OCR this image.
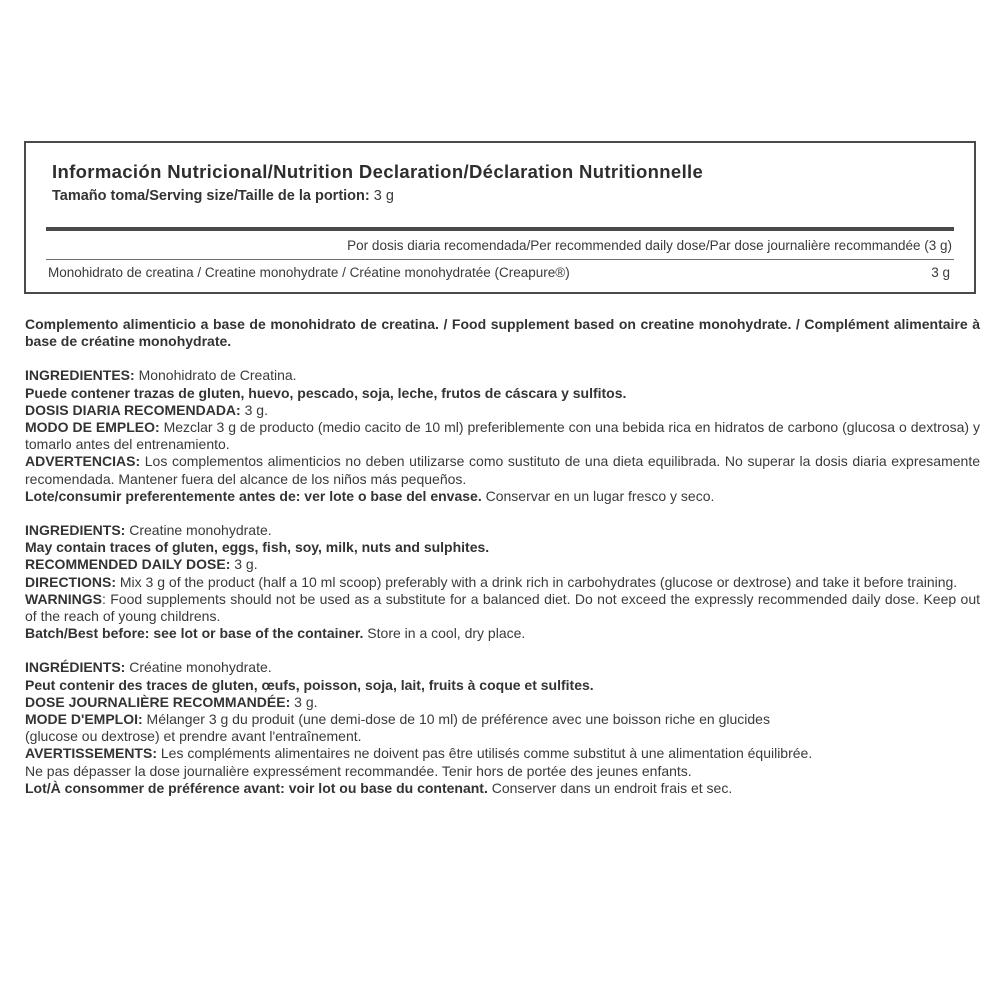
Información Nutricional/Nutrition Declaration/Déclaration Nutritionnelle
Tamaño toma/Serving size/Taille de la portion: 3 g
Por dosis diaria recomendada/Per recommended daily dose/Par dose journalière recommandée (3 g)
Monohidrato de creatina / Creatine monohydrate / Créatine monohydratée (Creapure®)	3 g

Complemento alimenticio a base de monohidrato de creatina. / Food supplement based on creatine monohydrate. / Complément alimentaire à base de créatine monohydrate.

INGREDIENTES: Monohidrato de Creatina.

Puede contener trazas de gluten, huevo, pescado, soja, leche, frutos de cáscara y sulfitos.

DOSIS DIARIA RECOMENDADA: 3 g.

MODO DE EMPLEO: Mezclar 3 g de producto (medio cacito de 10 ml) preferiblemente con una bebida rica en hidratos de carbono (glucosa o dextrosa) y tomarlo antes del entrenamiento.

ADVERTENCIAS: Los complementos alimenticios no deben utilizarse como sustituto de una dieta equilibrada. No superar la dosis diaria expresamente recomendada. Mantener fuera del alcance de los niños más pequeños.

Lote/consumir preferentemente antes de: ver lote o base del envase. Conservar en un lugar fresco y seco.

INGREDIENTS: Creatine monohydrate.

May contain traces of gluten, eggs, fish, soy, milk, nuts and sulphites.

RECOMMENDED DAILY DOSE: 3 g.

DIRECTIONS: Mix 3 g of the product (half a 10 ml scoop) preferably with a drink rich in carbohydrates (glucose or dextrose) and take it before training.

WARNINGS: Food supplements should not be used as a substitute for a balanced diet. Do not exceed the expressly recommended daily dose. Keep out of the reach of young childrens.

Batch/Best before: see lot or base of the container. Store in a cool, dry place.

INGRÉDIENTS: Créatine monohydrate.

Peut contenir des traces de gluten, œufs, poisson, soja, lait, fruits à coque et sulfites.

DOSE JOURNALIÈRE RECOMMANDÉE: 3 g.

MODE D'EMPLOI: Mélanger 3 g du produit (une demi-dose de 10 ml) de préférence avec une boisson riche en glucides

(glucose ou dextrose) et prendre avant l'entraînement.

AVERTISSEMENTS: Les compléments alimentaires ne doivent pas être utilisés comme substitut à une alimentation équilibrée.

Ne pas dépasser la dose journalière expressément recommandée. Tenir hors de portée des jeunes enfants.

Lot/À consommer de préférence avant: voir lot ou base du contenant. Conserver dans un endroit frais et sec.
